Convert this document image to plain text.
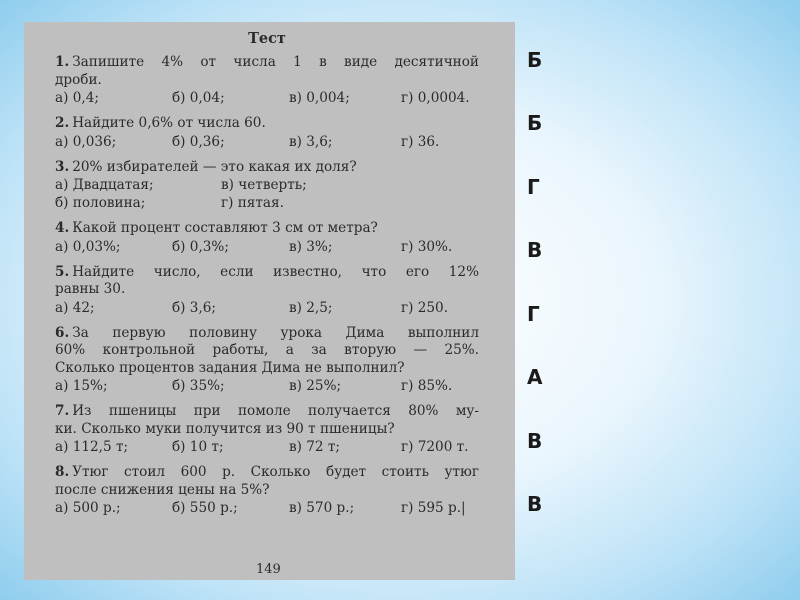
Тест
1. Запишите 4% от числа 1 в виде десятичной
дроби.
а) 0,4;	б) 0,04;	в) 0,004;	г) 0,0004.
2. Найдите 0,6% от числа 60.
а) 0,036;	б) 0,36;	в) 3,6;	г) 36.
3. 20% избирателей — это какая их доля?
а) Двадцатая;	в) четверть;
б) половина;	г) пятая.
4. Какой процент составляют 3 см от метра?
а) 0,03%;	б) 0,3%;	в) 3%;	г) 30%.
5. Найдите число, если известно, что его 12%
равны 30.
а) 42;	б) 3,6;	в) 2,5;	г) 250.
6. За первую половину урока Дима выполнил
60% контрольной работы, а за вторую — 25%.
Сколько процентов задания Дима не выполнил?
а) 15%;	б) 35%;	в) 25%;	г) 85%.
7. Из пшеницы при помоле получается 80% му-
ки. Сколько муки получится из 90 т пшеницы?
а) 112,5 т;	б) 10 т;	в) 72 т;	г) 7200 т.
8. Утюг стоил 600 р. Сколько будет стоить утюг
после снижения цены на 5%?
а) 500 р.;	б) 550 р.;	в) 570 р.;	г) 595 р.|
149
Б
Б
Г
В
Г
А
В
В
